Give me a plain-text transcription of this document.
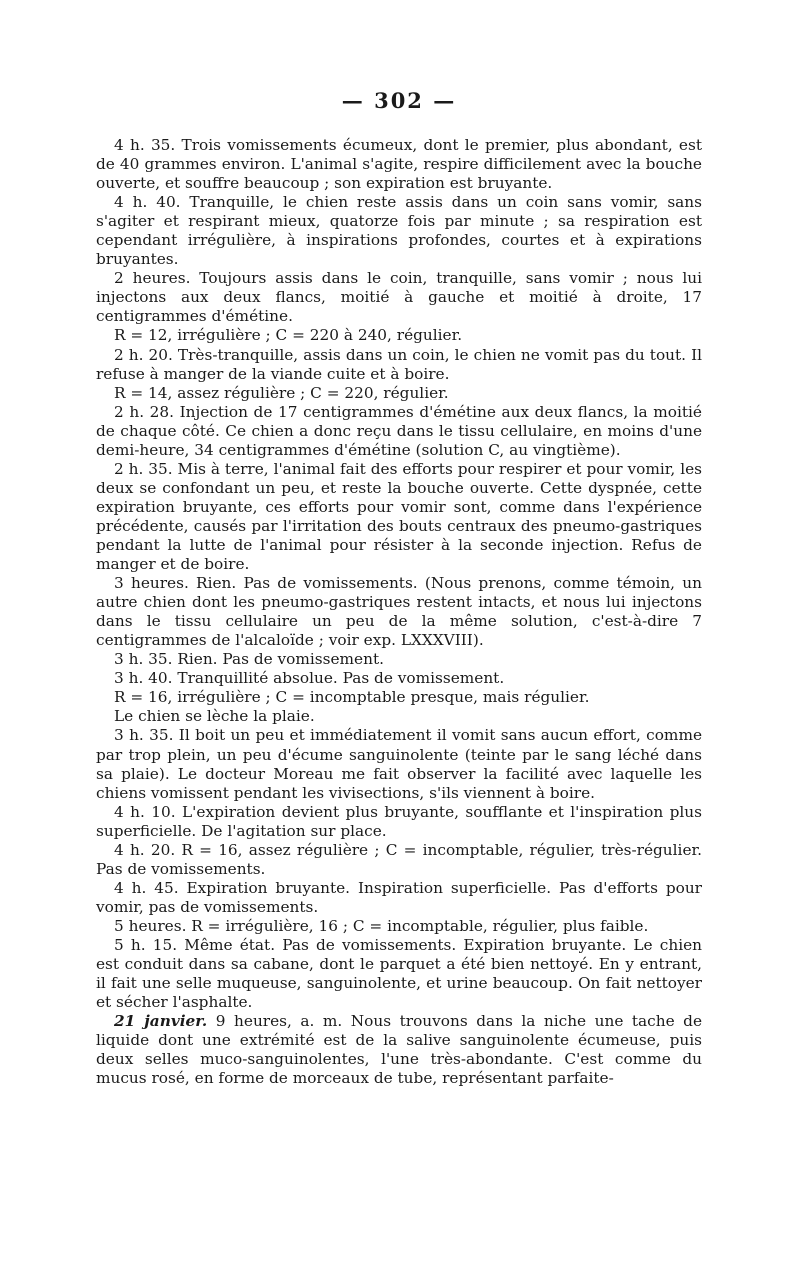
— 302 —

4 h. 35. Trois vomissements écumeux, dont le premier, plus abondant, est de 40 grammes environ. L'animal s'agite, respire difficilement avec la bouche ouverte, et souffre beaucoup ; son expiration est bruyante.

4 h. 40. Tranquille, le chien reste assis dans un coin sans vomir, sans s'agiter et respirant mieux, quatorze fois par minute ; sa respiration est cependant irrégulière, à inspirations profondes, courtes et à expirations bruyantes.

2 heures. Toujours assis dans le coin, tranquille, sans vomir ; nous lui injectons aux deux flancs, moitié à gauche et moitié à droite, 17 centigrammes d'émétine.

R = 12, irrégulière ; C = 220 à 240, régulier.

2 h. 20. Très-tranquille, assis dans un coin, le chien ne vomit pas du tout. Il refuse à manger de la viande cuite et à boire.

R = 14, assez régulière ; C = 220, régulier.

2 h. 28. Injection de 17 centigrammes d'émétine aux deux flancs, la moitié de chaque côté. Ce chien a donc reçu dans le tissu cellulaire, en moins d'une demi-heure, 34 centigrammes d'émétine (solution C, au vingtième).

2 h. 35. Mis à terre, l'animal fait des efforts pour respirer et pour vomir, les deux se confondant un peu, et reste la bouche ouverte. Cette dyspnée, cette expiration bruyante, ces efforts pour vomir sont, comme dans l'expérience précédente, causés par l'irritation des bouts centraux des pneumo-gastriques pendant la lutte de l'animal pour résister à la seconde injection. Refus de manger et de boire.

3 heures. Rien. Pas de vomissements. (Nous prenons, comme témoin, un autre chien dont les pneumo-gastriques restent intacts, et nous lui injectons dans le tissu cellulaire un peu de la même solution, c'est-à-dire 7 centigrammes de l'alcaloïde ; voir exp. LXXXVIII).

3 h. 35. Rien. Pas de vomissement.

3 h. 40. Tranquillité absolue. Pas de vomissement.

R = 16, irrégulière ; C = incomptable presque, mais régulier.

Le chien se lèche la plaie.

3 h. 35. Il boit un peu et immédiatement il vomit sans aucun effort, comme par trop plein, un peu d'écume sanguinolente (teinte par le sang léché dans sa plaie). Le docteur Moreau me fait observer la facilité avec laquelle les chiens vomissent pendant les vivisections, s'ils viennent à boire.

4 h. 10. L'expiration devient plus bruyante, soufflante et l'inspiration plus superficielle. De l'agitation sur place.

4 h. 20. R = 16, assez régulière ; C = incomptable, régulier, très-régulier. Pas de vomissements.

4 h. 45. Expiration bruyante. Inspiration superficielle. Pas d'efforts pour vomir, pas de vomissements.

5 heures. R = irrégulière, 16 ; C = incomptable, régulier, plus faible.

5 h. 15. Même état. Pas de vomissements. Expiration bruyante. Le chien est conduit dans sa cabane, dont le parquet a été bien nettoyé. En y entrant, il fait une selle muqueuse, sanguinolente, et urine beaucoup. On fait nettoyer et sécher l'asphalte.

21 janvier. 9 heures, a. m. Nous trouvons dans la niche une tache de liquide dont une extrémité est de la salive sanguinolente écumeuse, puis deux selles muco-sanguinolentes, l'une très-abondante. C'est comme du mucus rosé, en forme de morceaux de tube, représentant parfaite-
